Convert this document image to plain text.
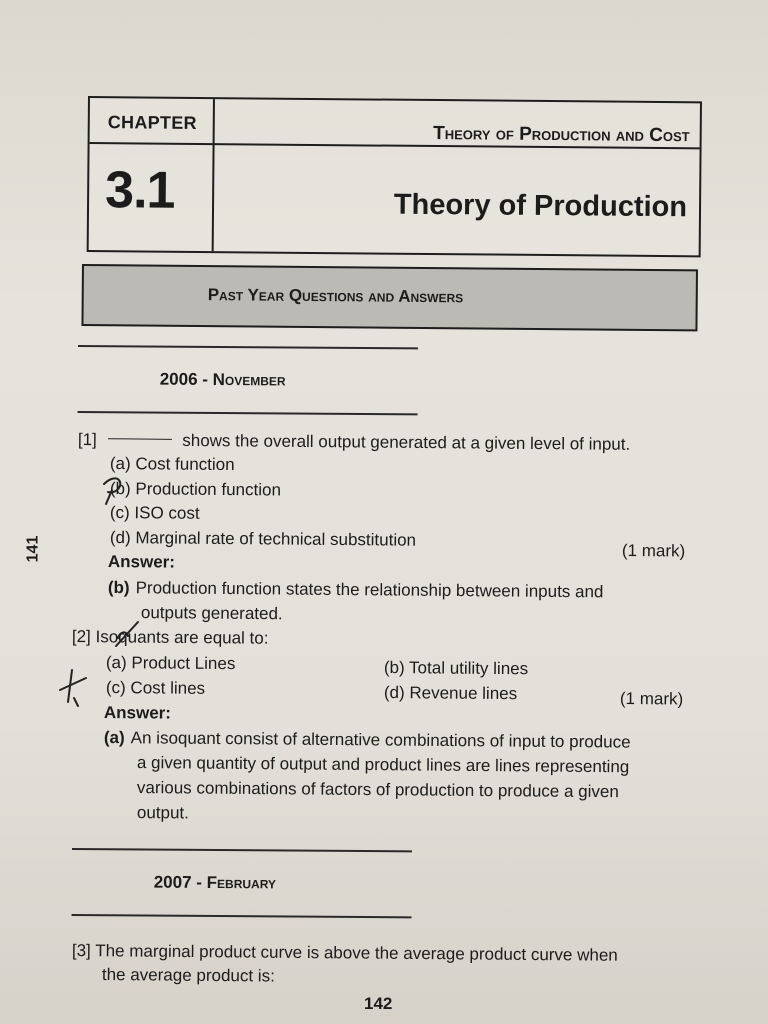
CHAPTER
Theory of Production and Cost
3.1	Theory of Production
Past Year Questions and Answers
141
2006 - November
[1]	shows the overall output generated at a given level of input.
(a) Cost function
(b) Production function
(c) ISO cost
(d) Marginal rate of technical substitution
(1 mark)
Answer:
(b) Production function states the relationship between inputs and
outputs generated.
[2] Isoquants are equal to:
(a) Product Lines	(b) Total utility lines
(c) Cost lines	(d) Revenue lines	(1 mark)
Answer:
(a) An isoquant consist of alternative combinations of input to produce
a given quantity of output and product lines are lines representing
various combinations of factors of production to produce a given
output.
2007 - February
[3] The marginal product curve is above the average product curve when
the average product is:
142
